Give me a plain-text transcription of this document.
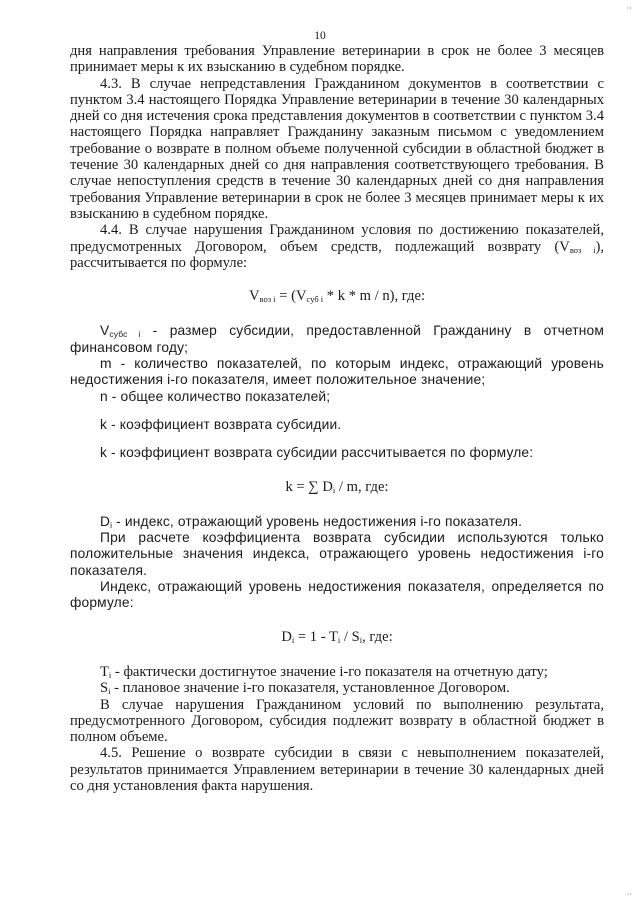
··
10

дня направления требования Управление ветеринарии в срок не более 3 месяцев принимает меры к их взысканию в судебном порядке.

4.3. В случае непредставления Гражданином документов в соответствии с пунктом 3.4 настоящего Порядка Управление ветеринарии в течение 30 календарных дней со дня истечения срока представления документов в соответствии с пунктом 3.4 настоящего Порядка направляет Гражданину заказным письмом с уведомлением требование о возврате в полном объеме полученной субсидии в областной бюджет в течение 30 календарных дней со дня направления соответствующего требования. В случае непоступления средств в течение 30 календарных дней со дня направления требования Управление ветеринарии в срок не более 3 месяцев принимает меры к их взысканию в судебном порядке.

4.4. В случае нарушения Гражданином условия по достижению показателей, предусмотренных Договором, объем средств, подлежащий возврату $(V_{воз i})$, рассчитывается по формуле:

$V_{воз i} = (V_{суб i} * k * m / n)$, где:

$V_{субс i}$ - размер субсидии, предоставленной Гражданину в отчетном финансовом году;

m - количество показателей, по которым индекс, отражающий уровень недостижения i-го показателя, имеет положительное значение;

n - общее количество показателей;

k - коэффициент возврата субсидии.

k - коэффициент возврата субсидии рассчитывается по формуле:

k = ∑ $D_i$ / m, где:

$D_i$ - индекс, отражающий уровень недостижения i-го показателя.

При расчете коэффициента возврата субсидии используются только положительные значения индекса, отражающего уровень недостижения i-го показателя.

Индекс, отражающий уровень недостижения показателя, определяется по формуле:

$D_i = 1 - T_i / S_i$, где:

$T_i$ - фактически достигнутое значение i-го показателя на отчетную дату;

$S_i$ - плановое значение i-го показателя, установленное Договором.

В случае нарушения Гражданином условий по выполнению результата, предусмотренного Договором, субсидия подлежит возврату в областной бюджет в полном объеме.

4.5. Решение о возврате субсидии в связи с невыполнением показателей, результатов принимается Управлением ветеринарии в течение 30 календарных дней со дня установления факта нарушения.

··
